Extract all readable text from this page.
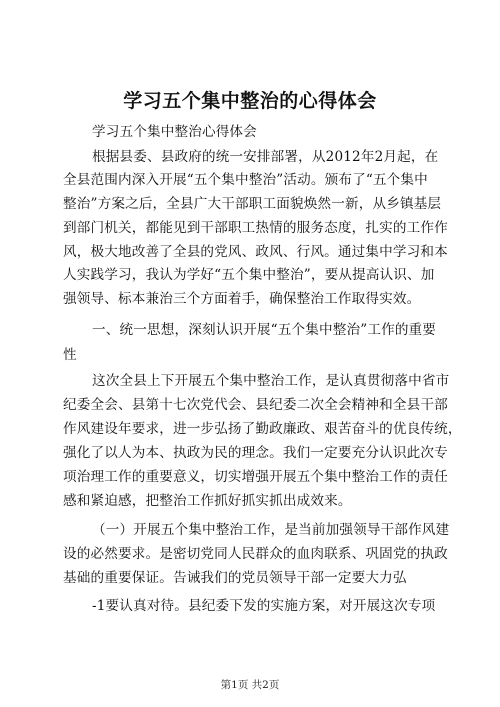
学习五个集中整治的心得体会
学习五个集中整治心得体会
根据县委、县政府的统一安排部署，从2012年2月起，在
全县范围内深入开展“五个集中整治”活动。颁布了“五个集中
整治”方案之后，全县广大干部职工面貌焕然一新，从乡镇基层
到部门机关，都能见到干部职工热情的服务态度，扎实的工作作
风，极大地改善了全县的党风、政风、行风。通过集中学习和本
人实践学习，我认为学好“五个集中整治”，要从提高认识、加
强领导、标本兼治三个方面着手，确保整治工作取得实效。
一、统一思想，深刻认识开展“五个集中整治”工作的重要
性
这次全县上下开展五个集中整治工作，是认真贯彻落中省市
纪委全会、县第十七次党代会、县纪委二次全会精神和全县干部
作风建设年要求，进一步弘扬了勤政廉政、艰苦奋斗的优良传统，
强化了以人为本、执政为民的理念。我们一定要充分认识此次专
项治理工作的重要意义，切实增强开展五个集中整治工作的责任
感和紧迫感，把整治工作抓好抓实抓出成效来。
（一）开展五个集中整治工作，是当前加强领导干部作风建
设的必然要求。是密切党同人民群众的血肉联系、巩固党的执政
基础的重要保证。告诫我们的党员领导干部一定要大力弘
-1要认真对待。县纪委下发的实施方案，对开展这次专项
第1页 共2页
